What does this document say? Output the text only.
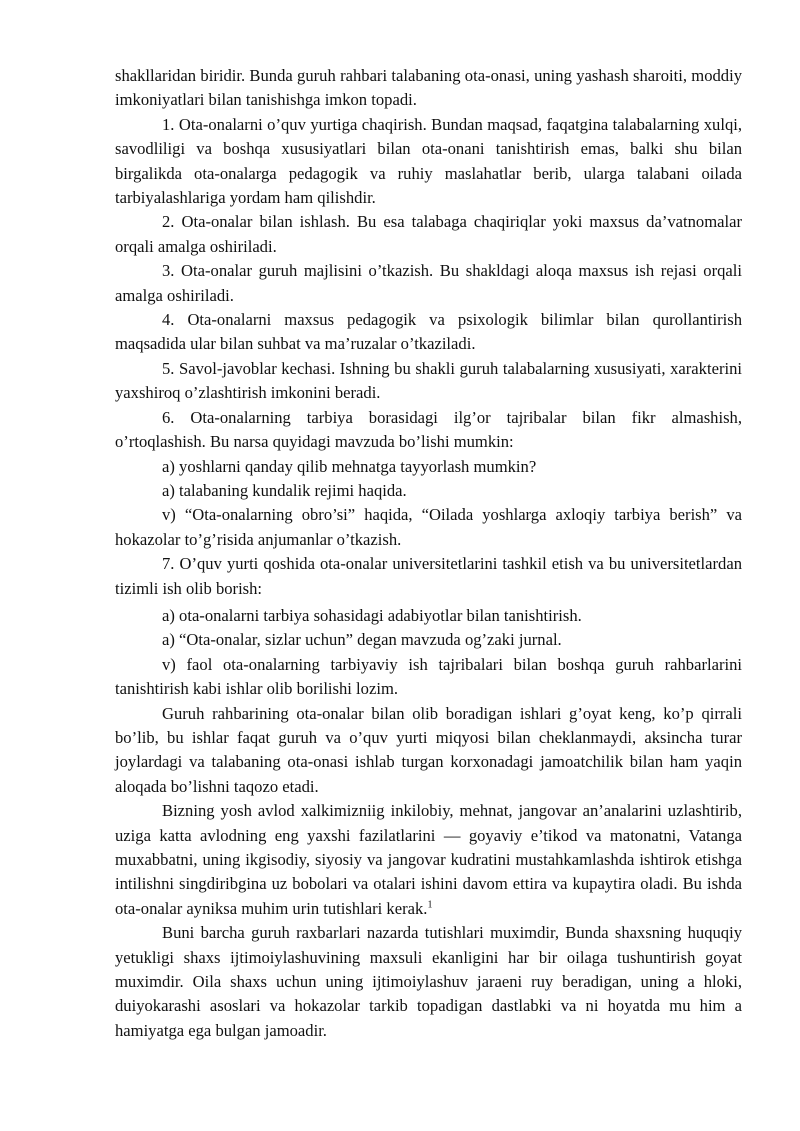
shakllaridan biridir. Bunda guruh rahbari talabaning ota-onasi, uning yashash sharoiti, moddiy imkoniyatlari bilan tanishishga imkon topadi.

1. Ota-onalarni o’quv yurtiga chaqirish. Bundan maqsad, faqatgina talabalarning xulqi, savodliligi va boshqa xususiyatlari bilan ota-onani tanishtirish emas, balki shu bilan birgalikda ota-onalarga pedagogik va ruhiy maslahatlar berib, ularga talabani oilada tarbiyalashlariga yordam ham qilishdir.

2. Ota-onalar bilan ishlash. Bu esa talabaga chaqiriqlar yoki maxsus da’vatnomalar orqali amalga oshiriladi.

3. Ota-onalar guruh majlisini o’tkazish. Bu shakldagi aloqa maxsus ish rejasi orqali amalga oshiriladi.

4. Ota-onalarni maxsus pedagogik va psixologik bilimlar bilan qurollantirish maqsadida ular bilan suhbat va ma’ruzalar o’tkaziladi.

5. Savol-javoblar kechasi. Ishning bu shakli guruh talabalarning xususiyati, xarakterini yaxshiroq o’zlashtirish imkonini beradi.

6. Ota-onalarning tarbiya borasidagi ilg’or tajribalar bilan fikr almashish, o’rtoqlashish. Bu narsa quyidagi mavzuda bo’lishi mumkin:

a) yoshlarni qanday qilib mehnatga tayyorlash mumkin?

a) talabaning kundalik rejimi haqida.

v) “Ota-onalarning obro’si” haqida, “Oilada yoshlarga axloqiy tarbiya berish” va hokazolar to’g’risida anjumanlar o’tkazish.

7. O’quv yurti qoshida ota-onalar universitetlarini tashkil etish va bu universitetlardan tizimli ish olib borish:

a) ota-onalarni tarbiya sohasidagi adabiyotlar bilan tanishtirish.

a) “Ota-onalar, sizlar uchun” degan mavzuda og’zaki jurnal.

v) faol ota-onalarning tarbiyaviy ish tajribalari bilan boshqa guruh rahbarlarini tanishtirish kabi ishlar olib borilishi lozim.

Guruh rahbarining ota-onalar bilan olib boradigan ishlari g’oyat keng, ko’p qirrali bo’lib, bu ishlar faqat guruh va o’quv yurti miqyosi bilan cheklanmaydi, aksincha turar joylardagi va talabaning ota-onasi ishlab turgan korxonadagi jamoatchilik bilan ham yaqin aloqada bo’lishni taqozo etadi.

Bizning yosh avlod xalkimizniig inkilobiy, mehnat, jangovar an’analarini uzlashtirib, uziga katta avlodning eng yaxshi fazilatlarini — goyaviy e’tikod va matonatni, Vatanga muxabbatni, uning ikgisodiy, siyosiy va jangovar kudratini mustahkamlashda ishtirok etishga intilishni singdiribgina uz bobolari va otalari ishini davom ettira va kupaytira oladi. Bu ishda ota-onalar ayniksa muhim urin tutishlari kerak.$^1$

Buni barcha guruh raxbarlari nazarda tutishlari muximdir, Bunda shaxsning huquqiy yetukligi shaxs ijtimoiylashuvining maxsuli ekanligini har bir oilaga tushuntirish goyat muximdir. Oila shaxs uchun uning ijtimoiylashuv jaraeni ruy beradigan, uning a hloki, duiyokarashi asoslari va hokazolar tarkib topadigan dastlabki va ni hoyatda mu him a hamiyatga ega bulgan jamoadir.
